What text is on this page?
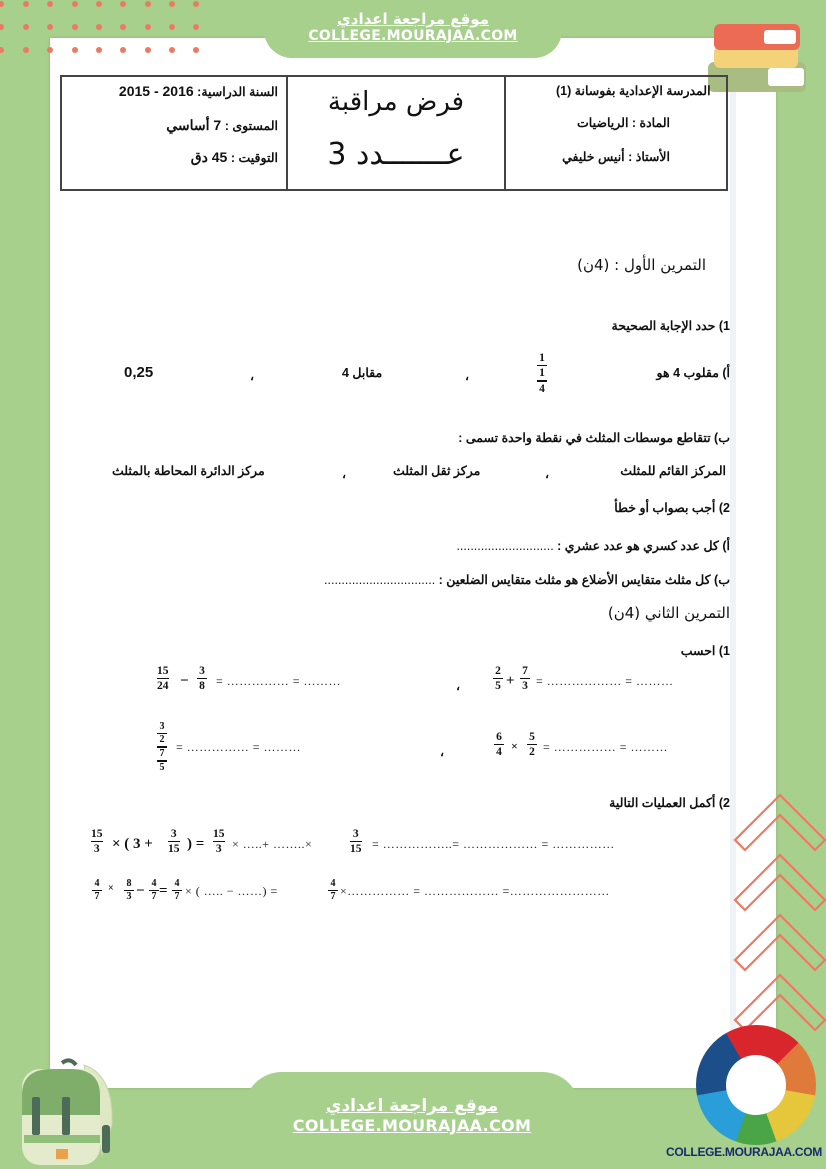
موقع مراجعة اعدادي
COLLEGE.MOURAJAA.COM
السنة الدراسية: 2016 - 2015
المستوى : 7 أساسي
التوقيت : 45 دق
فرض مراقبة
عـــــــدد 3
المدرسة الإعدادية بفوسانة (1)
المادة : الرياضيات
الأستاذ : أنيس خليفي
التمرين الأول : (4ن)
1) حدد الإجابة الصحيحة
أ) مقلوب 4 هو
1
1
4
،
مقابل 4
،
0,25
ب) تتقاطع موسطات المثلث في نقطة واحدة تسمى :
المركز القائم للمثلث
،
مركز ثقل المثلث
،
مركز الدائرة المحاطة بالمثلث
2) أجب بصواب أو خطأ
أ) كل عدد كسري هو عدد عشري : ............................
ب) كل مثلث متقايس الأضلاع هو مثلث متقايس الضلعين : ................................
التمرين الثاني (4ن)
1) احسب
15
24 −
3
8 = …………… = ………	،
2
5 +
7
3 = ……………… = ………
3
2
7
5
= …………… = ………	،
6
4 ×
5
2 = …………… = ………
2) أكمل العمليات التالية
15
3 × ( 3 +
3
15 ) =
15
3 × …..+ ……..×
3
15 = ……………..= ……………… = ……………
4
7
× 8
3 − 4
7 = 4
7 × ( ….. − ……) =
4
7 ×…………… = ……………… =……………………
COLLEGE.MOURAJAA.COM
موقع مراجعة اعدادي
COLLEGE.MOURAJAA.COM
